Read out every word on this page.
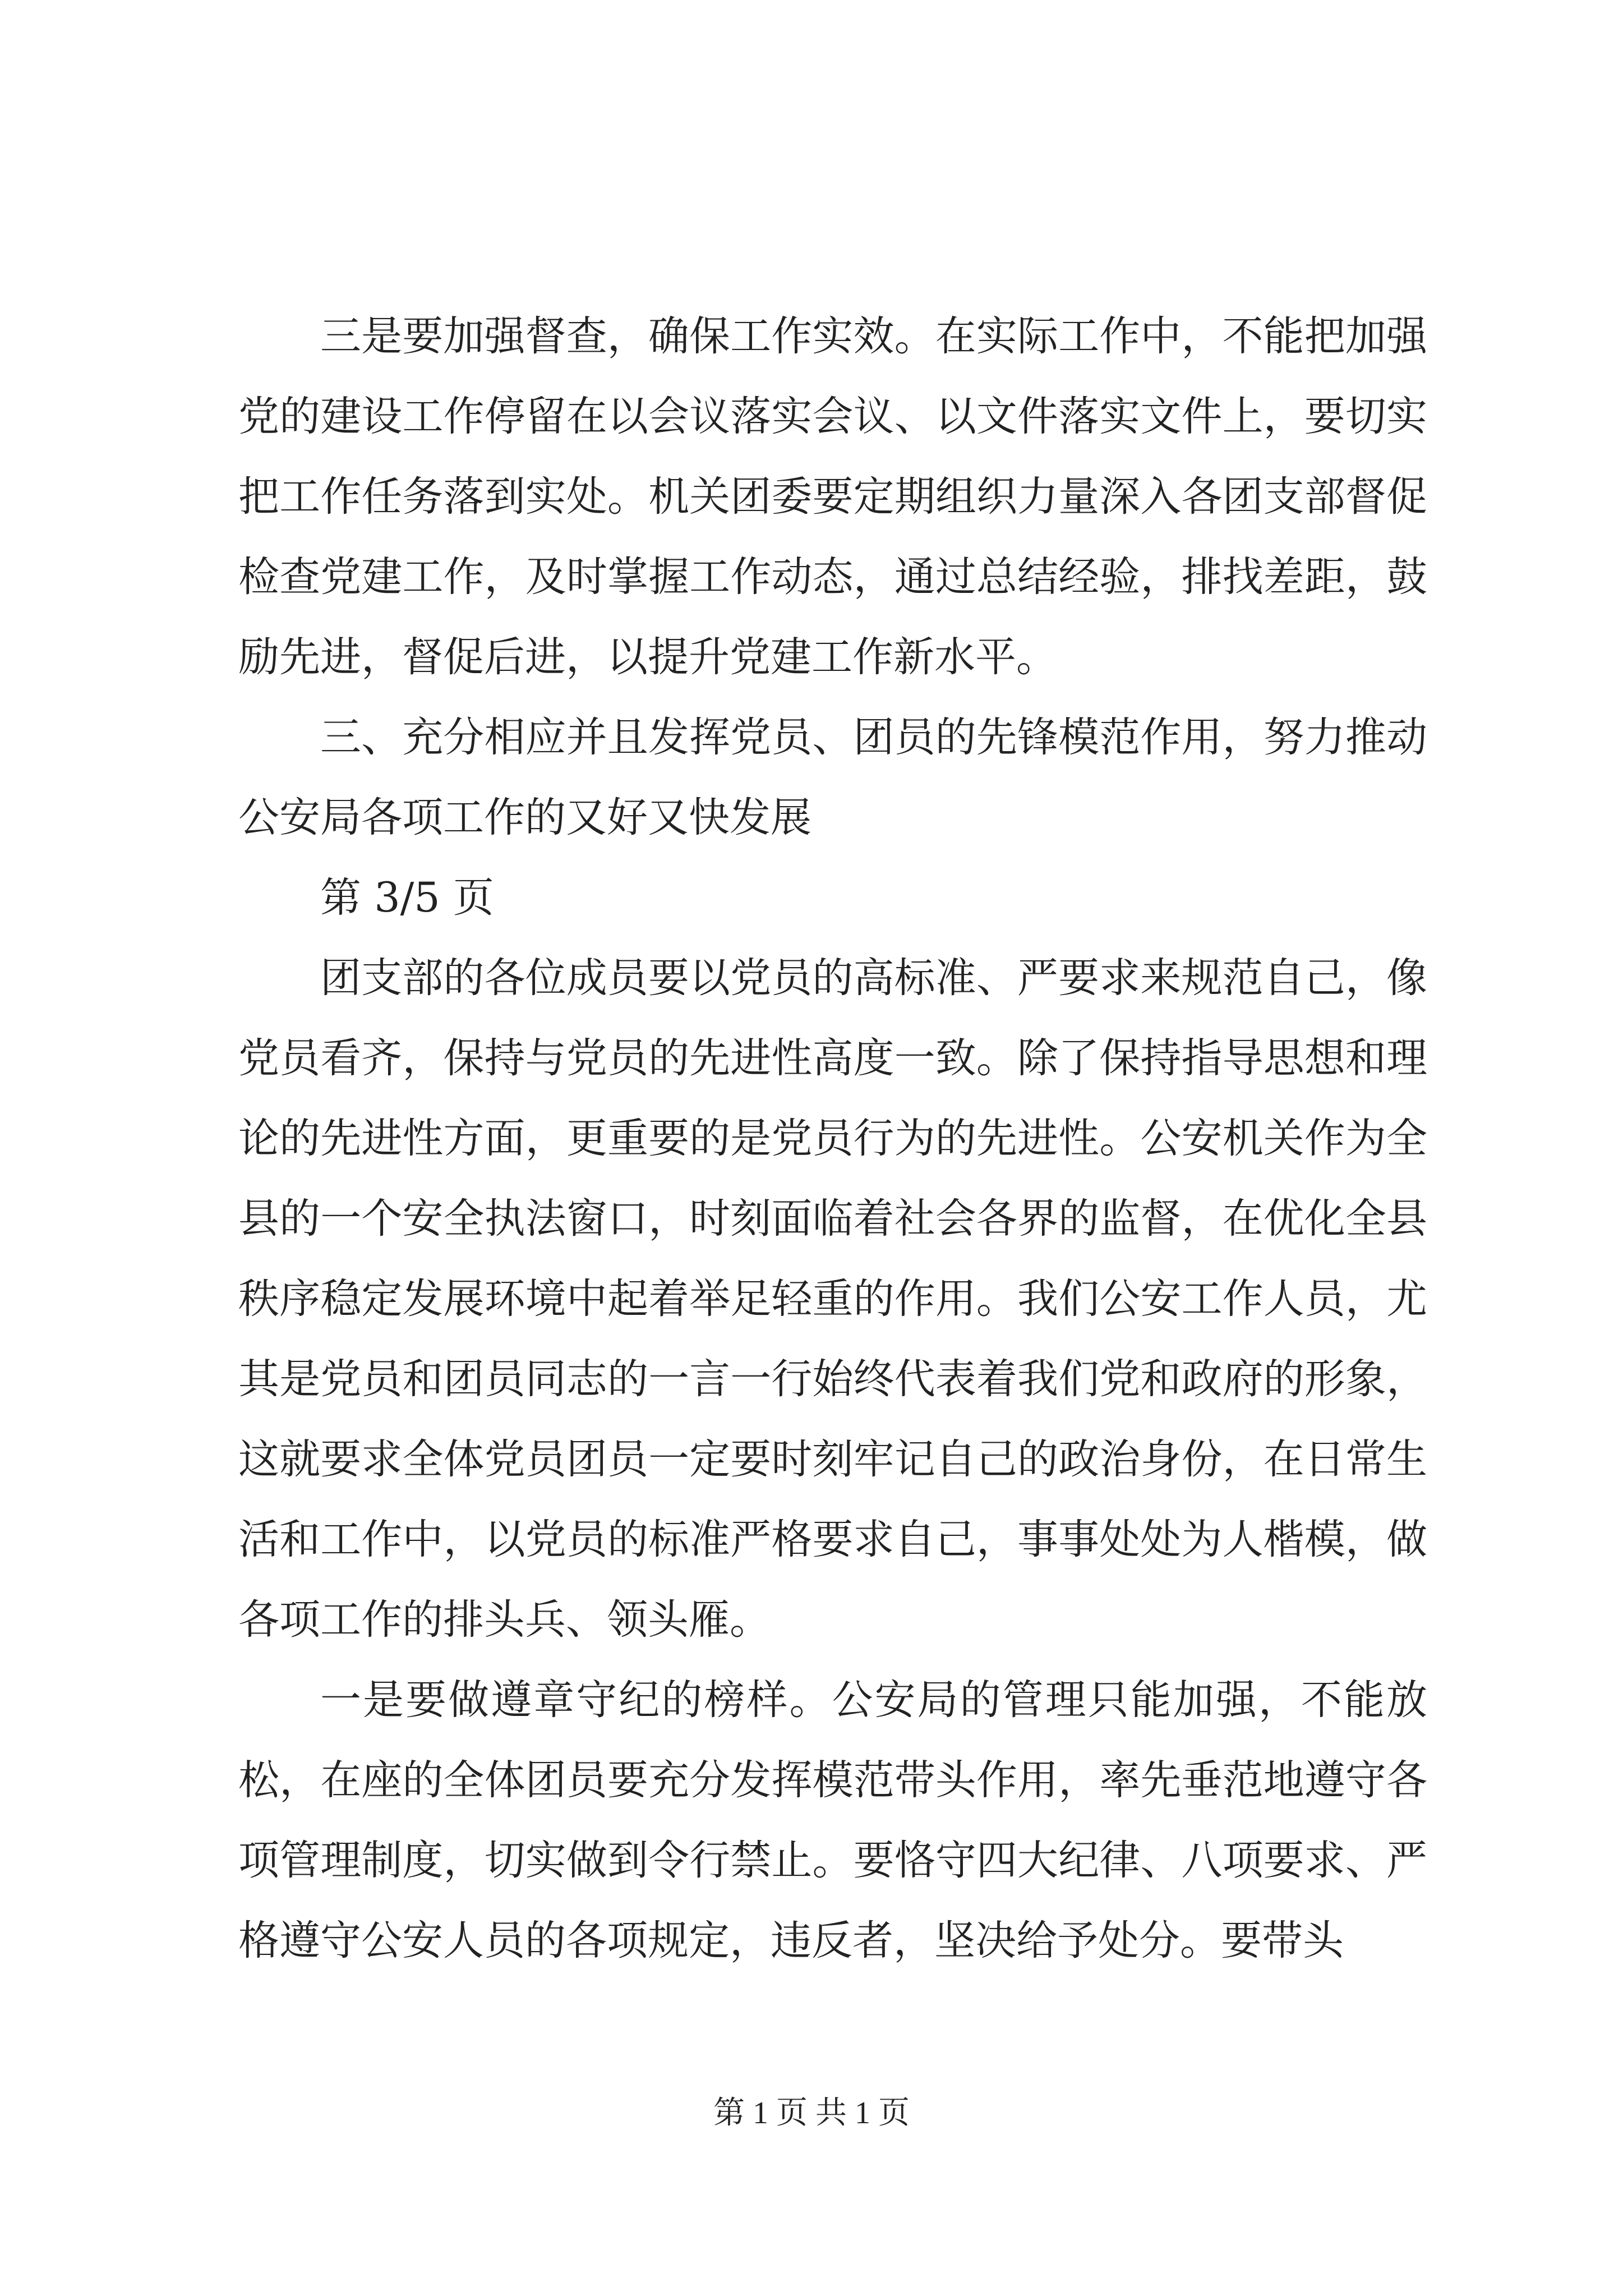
三是要加强督查，确保工作实效。在实际工作中，不能把加强党的建设工作停留在以会议落实会议、以文件落实文件上，要切实把工作任务落到实处。机关团委要定期组织力量深入各团支部督促检查党建工作，及时掌握工作动态，通过总结经验，排找差距，鼓励先进，督促后进，以提升党建工作新水平。

三、充分相应并且发挥党员、团员的先锋模范作用，努力推动公安局各项工作的又好又快发展

第 3/5 页

团支部的各位成员要以党员的高标准、严要求来规范自己，像党员看齐，保持与党员的先进性高度一致。除了保持指导思想和理论的先进性方面，更重要的是党员行为的先进性。公安机关作为全县的一个安全执法窗口，时刻面临着社会各界的监督，在优化全县秩序稳定发展环境中起着举足轻重的作用。我们公安工作人员，尤其是党员和团员同志的一言一行始终代表着我们党和政府的形象，这就要求全体党员团员一定要时刻牢记自己的政治身份，在日常生活和工作中，以党员的标准严格要求自己，事事处处为人楷模，做各项工作的排头兵、领头雁。

一是要做遵章守纪的榜样。公安局的管理只能加强，不能放松，在座的全体团员要充分发挥模范带头作用，率先垂范地遵守各项管理制度，切实做到令行禁止。要恪守四大纪律、八项要求、严格遵守公安人员的各项规定，违反者，坚决给予处分。要带头

第 1 页 共 1 页
